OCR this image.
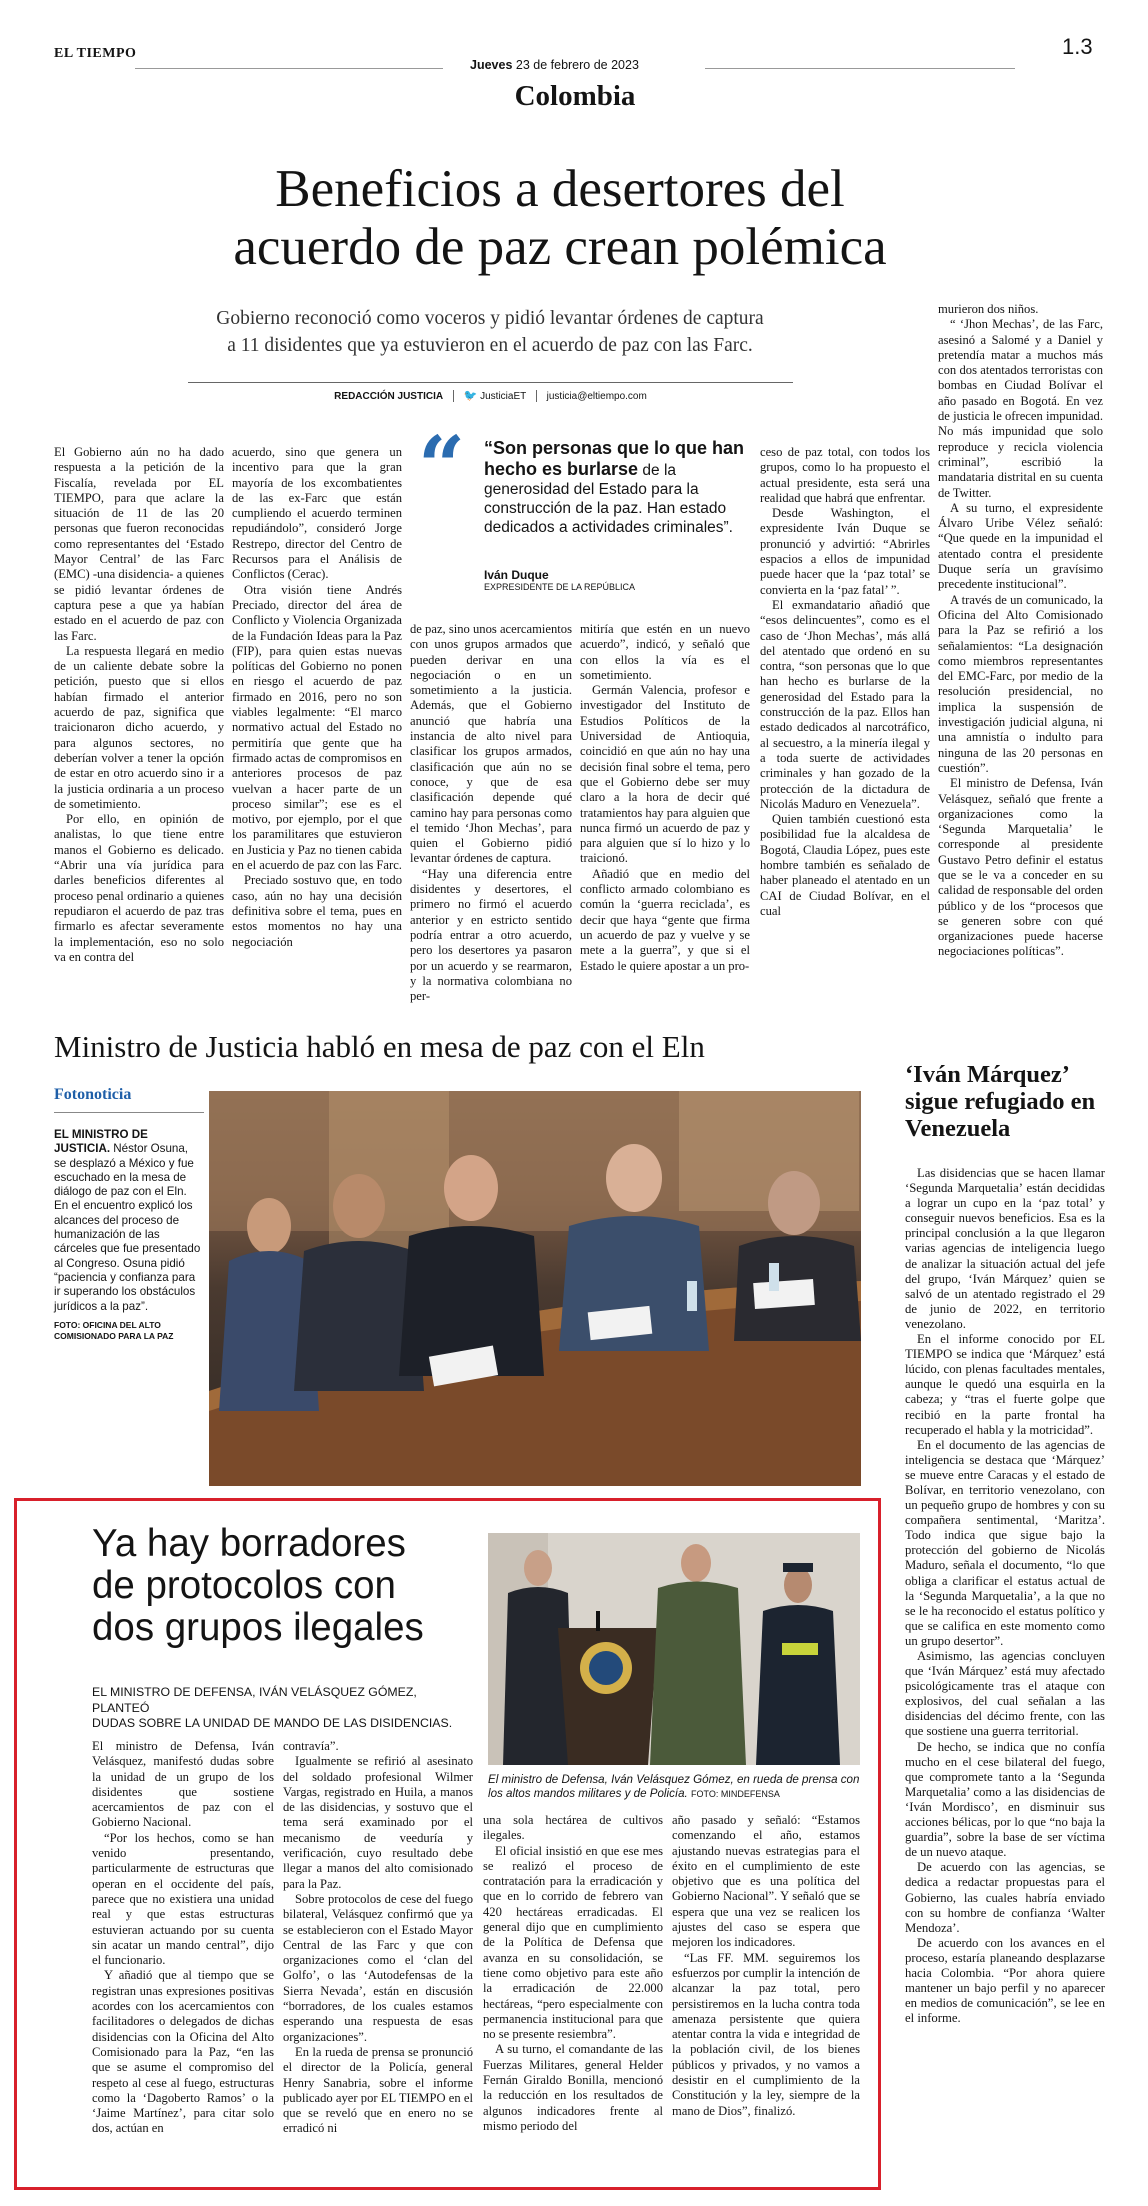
EL TIEMPO
Jueves 23 de febrero de 2023
Colombia
1.3
Beneficios a desertores del
acuerdo de paz crean polémica
Gobierno reconoció como voceros y pidió levantar órdenes de captura
a 11 disidentes que ya estuvieron en el acuerdo de paz con las Farc.
REDACCIÓN JUSTICIA 🐦 JusticiaET justicia@eltiempo.com

El Gobierno aún no ha dado respuesta a la petición de la Fiscalía, revelada por EL TIEMPO, para que aclare la situación de 11 de las 20 personas que fueron reconocidas como representantes del ‘Estado Mayor Central’ de las Farc (EMC) -una disidencia- a quienes se pidió levantar órdenes de captura pese a que ya habían estado en el acuerdo de paz con las Farc.

La respuesta llegará en medio de un caliente debate sobre la petición, puesto que si ellos habían firmado el anterior acuerdo de paz, significa que traicionaron dicho acuerdo, y para algunos sectores, no deberían volver a tener la opción de estar en otro acuerdo sino ir a la justicia ordinaria a un proceso de sometimiento.

Por ello, en opinión de analistas, lo que tiene entre manos el Gobierno es delicado. “Abrir una vía jurídica para darles beneficios diferentes al proceso penal ordinario a quienes repudiaron el acuerdo de paz tras firmarlo es afectar severamente la implementación, eso no solo va en contra del

acuerdo, sino que genera un incentivo para que la gran mayoría de los excombatientes de las ex-Farc que están cumpliendo el acuerdo terminen repudiándolo”, consideró Jorge Restrepo, director del Centro de Recursos para el Análisis de Conflictos (Cerac).

Otra visión tiene Andrés Preciado, director del área de Conflicto y Violencia Organizada de la Fundación Ideas para la Paz (FIP), para quien estas nuevas políticas del Gobierno no ponen en riesgo el acuerdo de paz firmado en 2016, pero no son viables legalmente: “El marco normativo actual del Estado no permitiría que gente que ha firmado actas de compromisos en anteriores procesos de paz vuelvan a hacer parte de un proceso similar”; ese es el motivo, por ejemplo, por el que los paramilitares que estuvieron en Justicia y Paz no tienen cabida en el acuerdo de paz con las Farc.

Preciado sostuvo que, en todo caso, aún no hay una decisión definitiva sobre el tema, pues en estos momentos no hay una negociación

“ “Son personas que lo que han hecho es burlarse de la generosidad del Estado para la construcción de la paz. Han estado dedicados a actividades criminales”.
Iván Duque
EXPRESIDENTE DE LA REPÚBLICA

de paz, sino unos acercamientos con unos grupos armados que pueden derivar en una negociación o en un sometimiento a la justicia. Además, que el Gobierno anunció que habría una instancia de alto nivel para clasificar los grupos armados, clasificación que aún no se conoce, y que de esa clasificación depende qué camino hay para personas como el temido ‘Jhon Mechas’, para quien el Gobierno pidió levantar órdenes de captura.

“Hay una diferencia entre disidentes y desertores, el primero no firmó el acuerdo anterior y en estricto sentido podría entrar a otro acuerdo, pero los desertores ya pasaron por un acuerdo y se rearmaron, y la normativa colombiana no per-

mitiría que estén en un nuevo acuerdo”, indicó, y señaló que con ellos la vía es el sometimiento.

Germán Valencia, profesor e investigador del Instituto de Estudios Políticos de la Universidad de Antioquia, coincidió en que aún no hay una decisión final sobre el tema, pero que el Gobierno debe ser muy claro a la hora de decir qué tratamientos hay para alguien que nunca firmó un acuerdo de paz y para alguien que sí lo hizo y lo traicionó.

Añadió que en medio del conflicto armado colombiano es común la ‘guerra reciclada’, es decir que haya “gente que firma un acuerdo de paz y vuelve y se mete a la guerra”, y que si el Estado le quiere apostar a un pro-

ceso de paz total, con todos los grupos, como lo ha propuesto el actual presidente, esta será una realidad que habrá que enfrentar.

Desde Washington, el expresidente Iván Duque se pronunció y advirtió: “Abrirles espacios a ellos de impunidad puede hacer que la ‘paz total’ se convierta en la ‘paz fatal’ ”.

El exmandatario añadió que “esos delincuentes”, como es el caso de ‘Jhon Mechas’, más allá del atentado que ordenó en su contra, “son personas que lo que han hecho es burlarse de la generosidad del Estado para la construcción de la paz. Ellos han estado dedicados al narcotráfico, al secuestro, a la minería ilegal y a toda suerte de actividades criminales y han gozado de la protección de la dictadura de Nicolás Maduro en Venezuela”.

Quien también cuestionó esta posibilidad fue la alcaldesa de Bogotá, Claudia López, pues este hombre también es señalado de haber planeado el atentado en un CAI de Ciudad Bolívar, en el cual

murieron dos niños.

“ ‘Jhon Mechas’, de las Farc, asesinó a Salomé y a Daniel y pretendía matar a muchos más con dos atentados terroristas con bombas en Ciudad Bolívar el año pasado en Bogotá. En vez de justicia le ofrecen impunidad. No más impunidad que solo reproduce y recicla violencia criminal”, escribió la mandataria distrital en su cuenta de Twitter.

A su turno, el expresidente Álvaro Uribe Vélez señaló: “Que quede en la impunidad el atentado contra el presidente Duque sería un gravísimo precedente institucional”.

A través de un comunicado, la Oficina del Alto Comisionado para la Paz se refirió a los señalamientos: “La designación como miembros representantes del EMC-Farc, por medio de la resolución presidencial, no implica la suspensión de investigación judicial alguna, ni una amnistía o indulto para ninguna de las 20 personas en cuestión”.

El ministro de Defensa, Iván Velásquez, señaló que frente a organizaciones como la ‘Segunda Marquetalia’ le corresponde al presidente Gustavo Petro definir el estatus que se le va a conceder en su calidad de responsable del orden público y de los “procesos que se generen sobre con qué organizaciones puede hacerse negociaciones políticas”.

Ministro de Justicia habló en mesa de paz con el Eln
Fotonoticia
EL MINISTRO DE JUSTICIA. Néstor Osuna, se desplazó a México y fue escuchado en la mesa de diálogo de paz con el Eln. En el encuentro explicó los alcances del proceso de humanización de las cárceles que fue presentado al Congreso. Osuna pidió “paciencia y confianza para ir superando los obstáculos jurídicos a la paz”.
FOTO: OFICINA DEL ALTO COMISIONADO PARA LA PAZ
‘Iván Márquez’ sigue refugiado en Venezuela

Las disidencias que se hacen llamar ‘Segunda Marquetalia’ están decididas a lograr un cupo en la ‘paz total’ y conseguir nuevos beneficios. Esa es la principal conclusión a la que llegaron varias agencias de inteligencia luego de analizar la situación actual del jefe del grupo, ‘Iván Márquez’ quien se salvó de un atentado registrado el 29 de junio de 2022, en territorio venezolano.

En el informe conocido por EL TIEMPO se indica que ‘Márquez’ está lúcido, con plenas facultades mentales, aunque le quedó una esquirla en la cabeza; y “tras el fuerte golpe que recibió en la parte frontal ha recuperado el habla y la motricidad”.

En el documento de las agencias de inteligencia se destaca que ‘Márquez’ se mueve entre Caracas y el estado de Bolívar, en territorio venezolano, con un pequeño grupo de hombres y con su compañera sentimental, ‘Maritza’. Todo indica que sigue bajo la protección del gobierno de Nicolás Maduro, señala el documento, “lo que obliga a clarificar el estatus actual de la ‘Segunda Marquetalia’, a la que no se le ha reconocido el estatus político y que se califica en este momento como un grupo desertor”.

Asimismo, las agencias concluyen que ‘Iván Márquez’ está muy afectado psicológicamente tras el ataque con explosivos, del cual señalan a las disidencias del décimo frente, con las que sostiene una guerra territorial.

De hecho, se indica que no confía mucho en el cese bilateral del fuego, que compromete tanto a la ‘Segunda Marquetalia’ como a las disidencias de ‘Iván Mordisco’, en disminuir sus acciones bélicas, por lo que “no baja la guardia”, sobre la base de ser víctima de un nuevo ataque.

De acuerdo con las agencias, se dedica a redactar propuestas para el Gobierno, las cuales habría enviado con su hombre de confianza ‘Walter Mendoza’.

De acuerdo con los avances en el proceso, estaría planeando desplazarse hacia Colombia. “Por ahora quiere mantener un bajo perfil y no aparecer en medios de comunicación”, se lee en el informe.

Ya hay borradores
de protocolos con
dos grupos ilegales
EL MINISTRO DE DEFENSA, IVÁN VELÁSQUEZ GÓMEZ, PLANTEÓ
DUDAS SOBRE LA UNIDAD DE MANDO DE LAS DISIDENCIAS.
El ministro de Defensa, Iván Velásquez Gómez, en rueda de prensa con los altos mandos militares y de Policía. FOTO: MINDEFENSA

El ministro de Defensa, Iván Velásquez, manifestó dudas sobre la unidad de un grupo de los disidentes que sostiene acercamientos de paz con el Gobierno Nacional.

“Por los hechos, como se han venido presentando, particularmente de estructuras que operan en el occidente del país, parece que no existiera una unidad real y que estas estructuras estuvieran actuando por su cuenta sin acatar un mando central”, dijo el funcionario.

Y añadió que al tiempo que se registran unas expresiones positivas acordes con los acercamientos con facilitadores o delegados de dichas disidencias con la Oficina del Alto Comisionado para la Paz, “en las que se asume el compromiso del respeto al cese al fuego, estructuras como la ‘Dagoberto Ramos’ o la ‘Jaime Martínez’, para citar solo dos, actúan en

contravía”.

Igualmente se refirió al asesinato del soldado profesional Wilmer Vargas, registrado en Huila, a manos de las disidencias, y sostuvo que el tema será examinado por el mecanismo de veeduría y verificación, cuyo resultado debe llegar a manos del alto comisionado para la Paz.

Sobre protocolos de cese del fuego bilateral, Velásquez confirmó que ya se establecieron con el Estado Mayor Central de las Farc y que con organizaciones como el ‘clan del Golfo’, o las ‘Autodefensas de la Sierra Nevada’, están en discusión “borradores, de los cuales estamos esperando una respuesta de esas organizaciones”.

En la rueda de prensa se pronunció el director de la Policía, general Henry Sanabria, sobre el informe publicado ayer por EL TIEMPO en el que se reveló que en enero no se erradicó ni

una sola hectárea de cultivos ilegales.

El oficial insistió en que ese mes se realizó el proceso de contratación para la erradicación y que en lo corrido de febrero van 420 hectáreas erradicadas. El general dijo que en cumplimiento de la Política de Defensa que avanza en su consolidación, se tiene como objetivo para este año la erradicación de 22.000 hectáreas, “pero especialmente con permanencia institucional para que no se presente resiembra”.

A su turno, el comandante de las Fuerzas Militares, general Helder Fernán Giraldo Bonilla, mencionó la reducción en los resultados de algunos indicadores frente al mismo periodo del

año pasado y señaló: “Estamos comenzando el año, estamos ajustando nuevas estrategias para el éxito en el cumplimiento de este objetivo que es una política del Gobierno Nacional”. Y señaló que se espera que una vez se realicen los ajustes del caso se espera que mejoren los indicadores.

“Las FF. MM. seguiremos los esfuerzos por cumplir la intención de alcanzar la paz total, pero persistiremos en la lucha contra toda amenaza persistente que quiera atentar contra la vida e integridad de la población civil, de los bienes públicos y privados, y no vamos a desistir en el cumplimiento de la Constitución y la ley, siempre de la mano de Dios”, finalizó.
